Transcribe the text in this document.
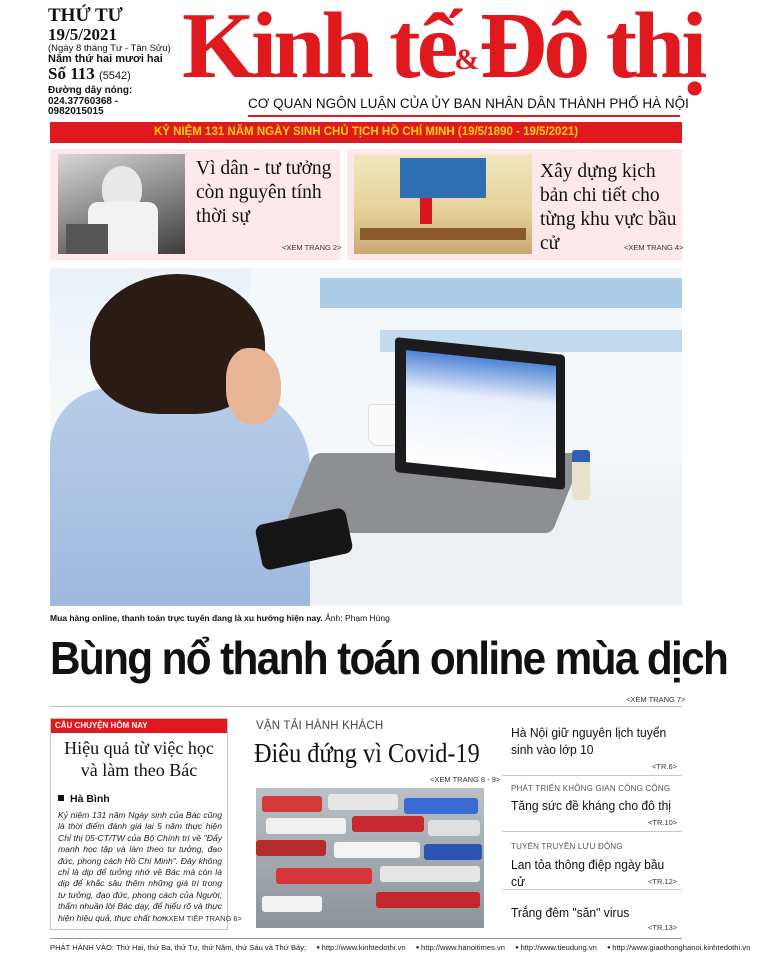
THỨ TƯ
19/5/2021
(Ngày 8 tháng Tư - Tân Sửu)
Năm thứ hai mươi hai
Số 113 (5542)
Đường dây nóng:
024.37760368 - 0982015015
Kinh tế&Đô thị
CƠ QUAN NGÔN LUẬN CỦA ỦY BAN NHÂN DÂN THÀNH PHỐ HÀ NỘI
KỶ NIỆM 131 NĂM NGÀY SINH CHỦ TỊCH HỒ CHÍ MINH (19/5/1890 - 19/5/2021)
Vì dân - tư tưởng còn nguyên tính thời sự
<XEM TRANG 2>
Xây dựng kịch bản chi tiết cho từng khu vực bầu cử	<XEM TRANG 4>
Mua hàng online, thanh toán trực tuyến đang là xu hướng hiện nay. Ảnh: Phạm Hùng
Bùng nổ thanh toán online mùa dịch
<XEM TRANG 7>
CÂU CHUYỆN HÔM NAY
Hiệu quả từ việc học và làm theo Bác
Hà Bình
Kỷ niệm 131 năm Ngày sinh của Bác cũng là thời điểm đánh giá lại 5 năm thực hiện Chỉ thị 05-CT/TW của Bộ Chính trị về "Đẩy mạnh học tập và làm theo tư tưởng, đạo đức, phong cách Hồ Chí Minh". Đây không chỉ là dịp để tưởng nhớ về Bác mà còn là dịp để khắc sâu thêm những giá trị trong tư tưởng, đạo đức, phong cách của Người; thẩm nhuần lời Bác dạy, để hiểu rõ và thực hiện hiệu quả, thực chất hơn.
<XEM TIẾP TRANG 6>
VẬN TẢI HÀNH KHÁCH
Điêu đứng vì Covid-19
<XEM TRANG 8 - 9>
Hà Nội giữ nguyên lịch tuyển sinh vào lớp 10
<TR.6>
PHÁT TRIỂN KHÔNG GIAN CÔNG CỘNG
Tăng sức đề kháng cho đô thị
<TR.10>
TUYÊN TRUYỀN LƯU ĐỘNG
Lan tỏa thông điệp ngày bầu cử	<TR.12>
Trắng đêm "săn" virus
<TR.13>
PHÁT HÀNH VÀO: Thứ Hai, thứ Ba, thứ Tư, thứ Năm, thứ Sáu và Thứ Bảy; ● http://www.kinhtedothi.vn ● http://www.hanoitimes.vn ● http://www.tieudung.vn ● http://www.giaothonghanoi.kinhtedothi.vn
